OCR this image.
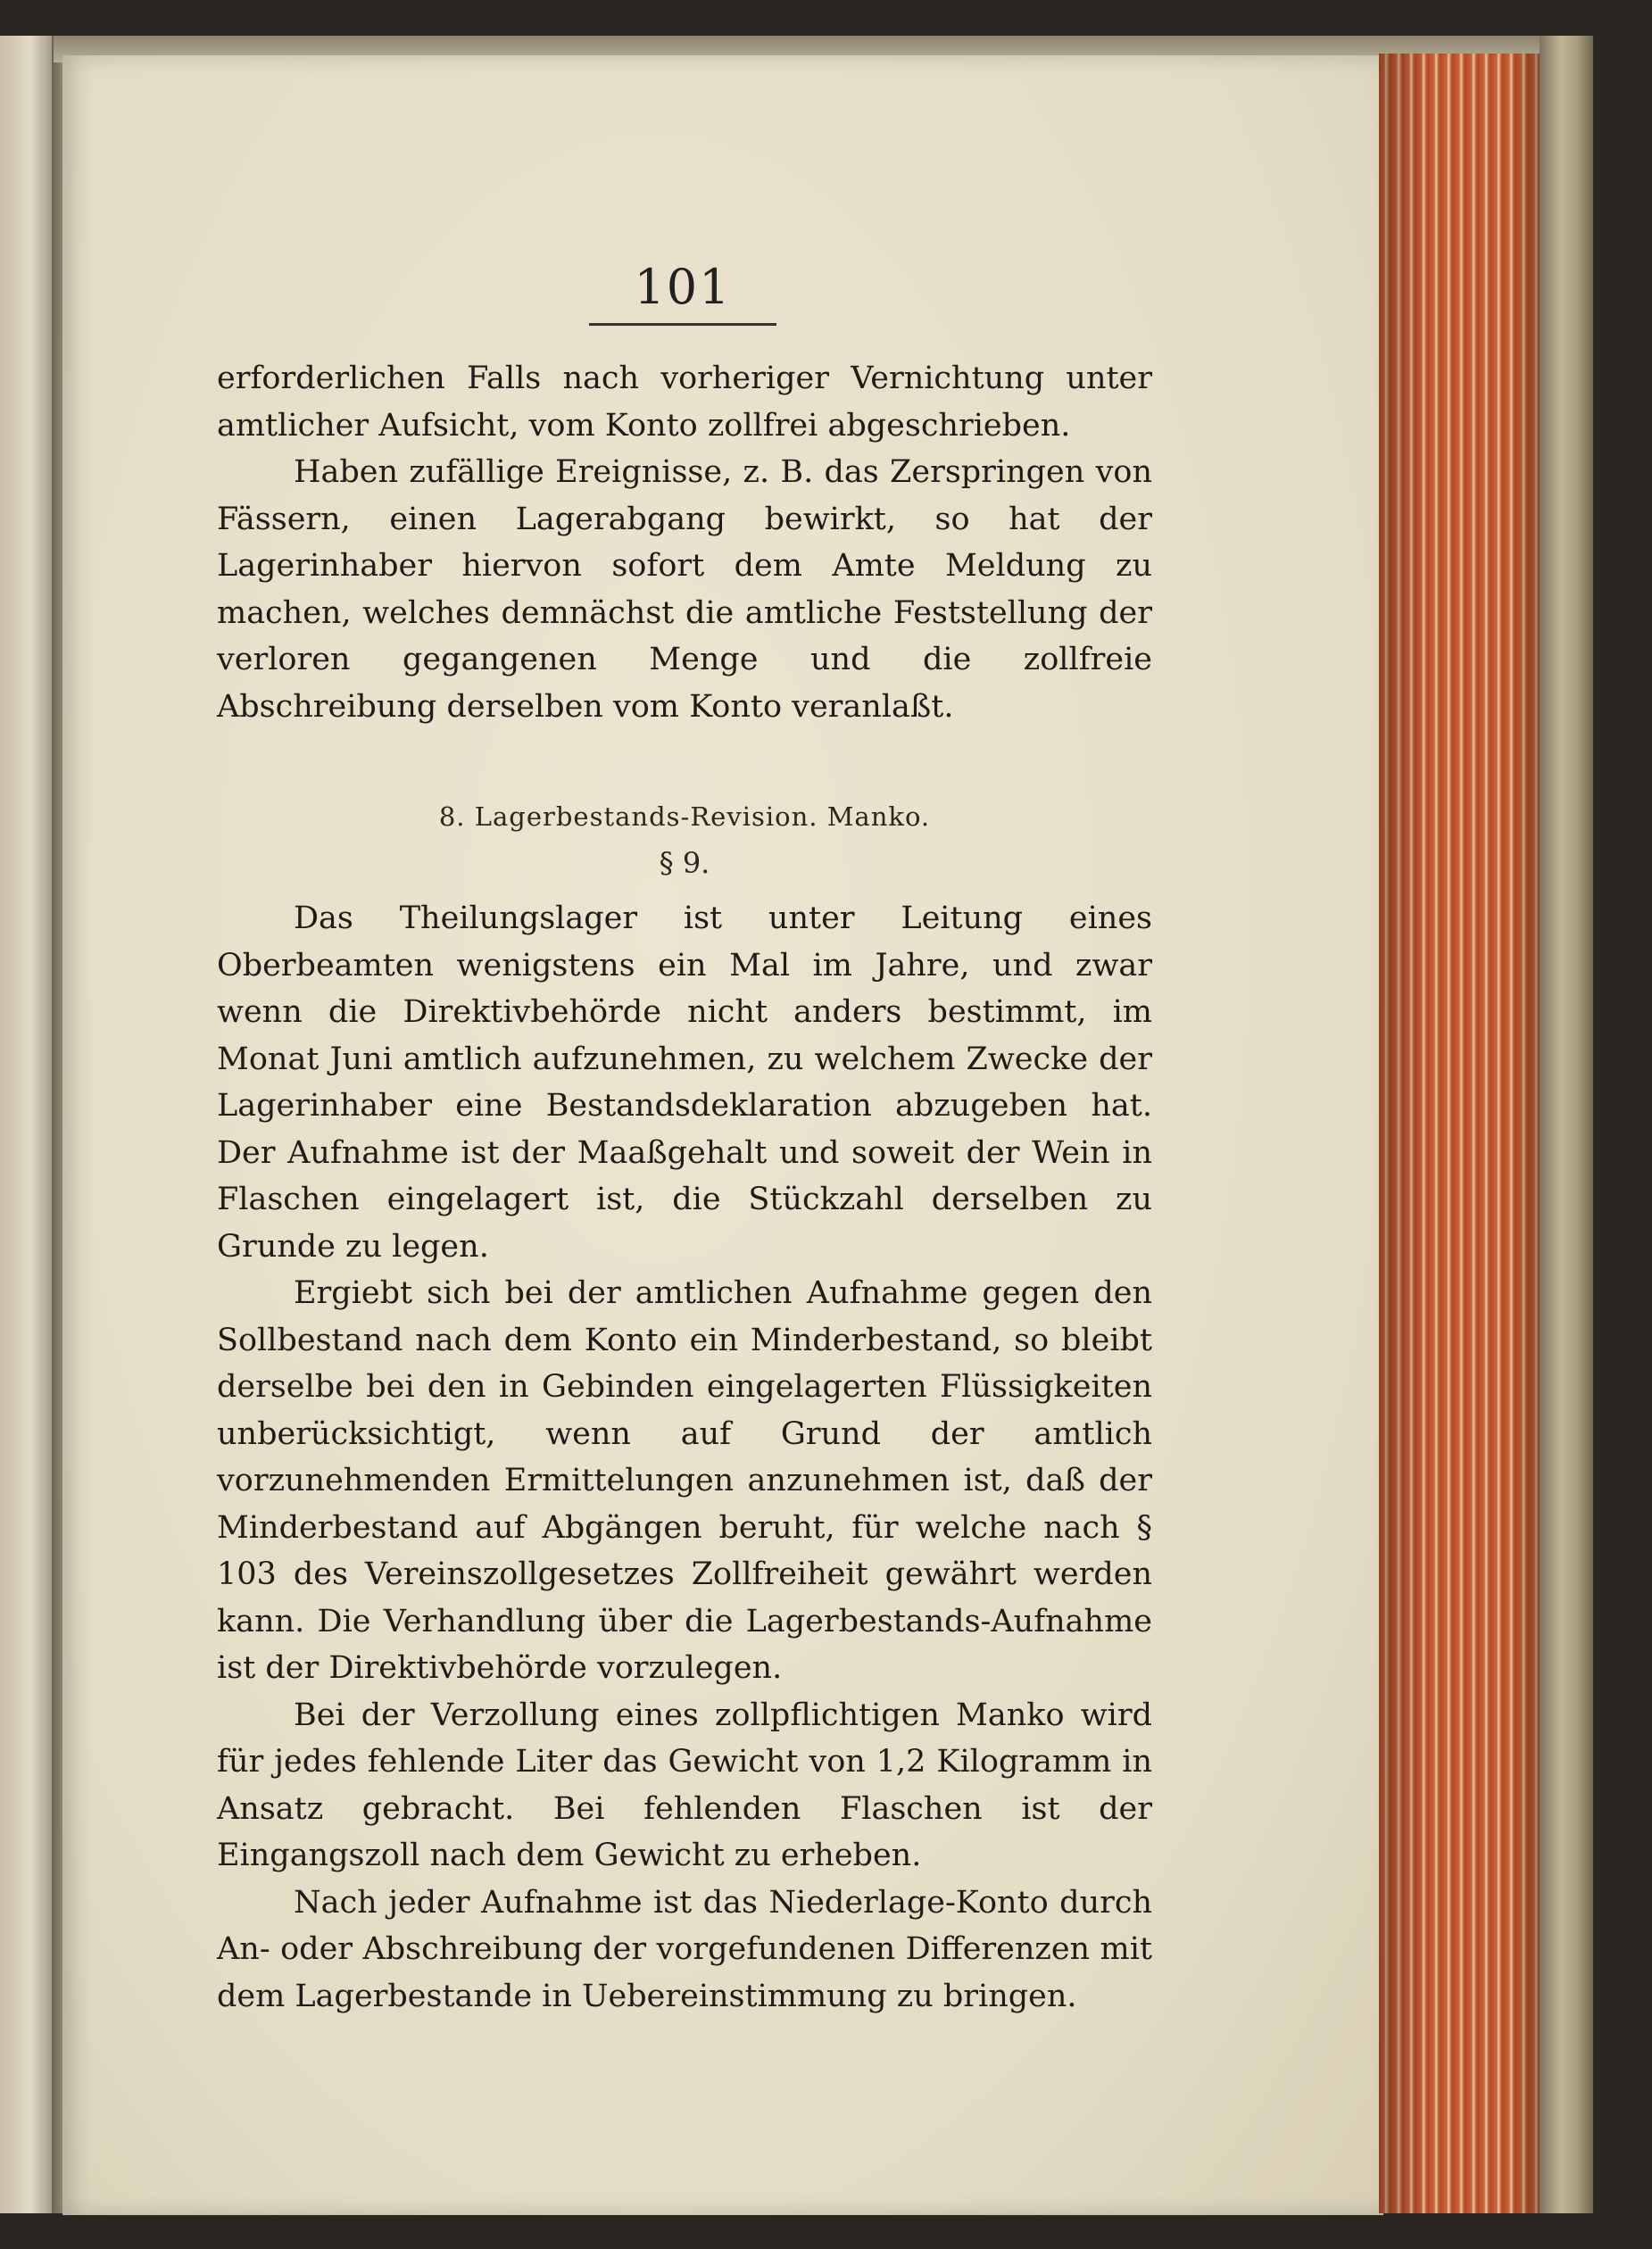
101

erforderlichen Falls nach vorheriger Vernichtung unter amtlicher Aufsicht, vom Konto zollfrei abgeschrieben.

Haben zufällige Ereignisse, z. B. das Zerspringen von Fässern, einen Lagerabgang bewirkt, so hat der Lagerinhaber hiervon sofort dem Amte Meldung zu machen, welches demnächst die amtliche Feststellung der verloren gegangenen Menge und die zollfreie Abschreibung derselben vom Konto veranlaßt.

8. Lagerbestands-Revision. Manko.
§ 9.

Das Theilungslager ist unter Leitung eines Oberbeamten wenigstens ein Mal im Jahre, und zwar wenn die Direktivbehörde nicht anders bestimmt, im Monat Juni amtlich aufzunehmen, zu welchem Zwecke der Lagerinhaber eine Bestandsdeklaration abzugeben hat. Der Aufnahme ist der Maaßgehalt und soweit der Wein in Flaschen eingelagert ist, die Stückzahl derselben zu Grunde zu legen.

Ergiebt sich bei der amtlichen Aufnahme gegen den Sollbestand nach dem Konto ein Minderbestand, so bleibt derselbe bei den in Gebinden eingelagerten Flüssigkeiten unberücksichtigt, wenn auf Grund der amtlich vorzunehmenden Ermittelungen anzunehmen ist, daß der Minderbestand auf Abgängen beruht, für welche nach § 103 des Vereinszollgesetzes Zollfreiheit gewährt werden kann. Die Verhandlung über die Lagerbestands-Aufnahme ist der Direktivbehörde vorzulegen.

Bei der Verzollung eines zollpflichtigen Manko wird für jedes fehlende Liter das Gewicht von 1,2 Kilogramm in Ansatz gebracht. Bei fehlenden Flaschen ist der Eingangszoll nach dem Gewicht zu erheben.

Nach jeder Aufnahme ist das Niederlage-Konto durch An- oder Abschreibung der vorgefundenen Differenzen mit dem Lagerbestande in Uebereinstimmung zu bringen.
